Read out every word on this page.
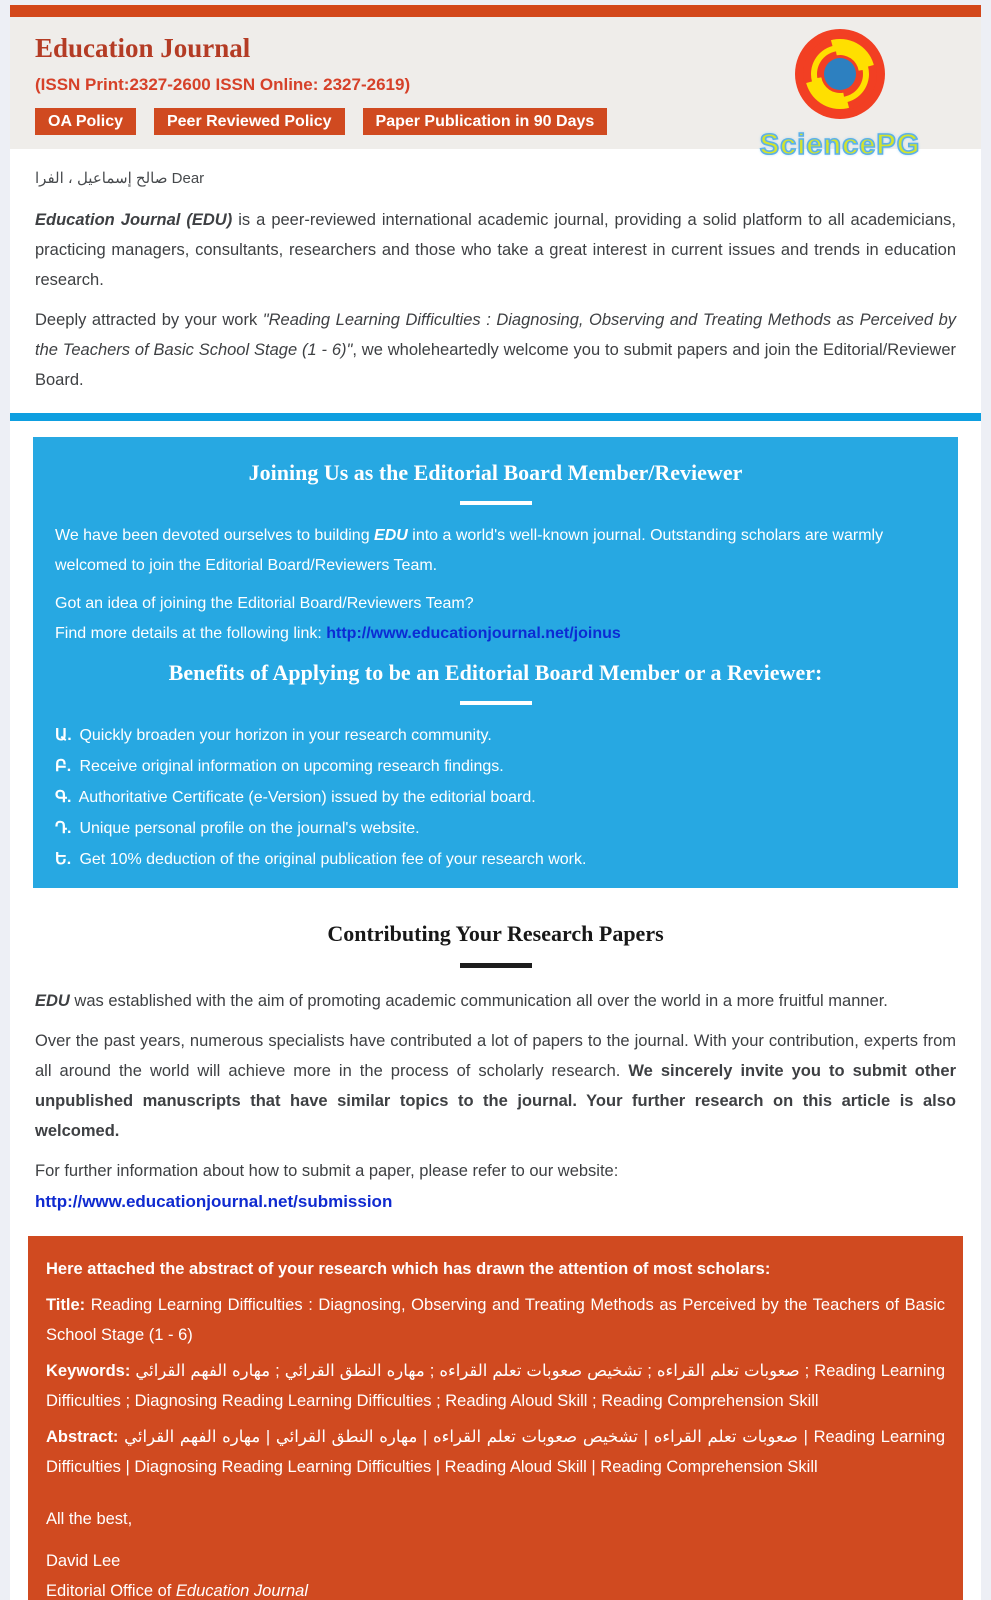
Education Journal
(ISSN Print:2327-2600 ISSN Online: 2327-2619)
OA Policy	Peer Reviewed Policy	Paper Publication in 90 Days
SciencePG
Dear صالح إسماعيل ، الفرا

Education Journal (EDU) is a peer-reviewed international academic journal, providing a solid platform to all academicians, practicing managers, consultants, researchers and those who take a great interest in current issues and trends in education research.

Deeply attracted by your work "Reading Learning Difficulties : Diagnosing, Observing and Treating Methods as Perceived by the Teachers of Basic School Stage (1 - 6)", we wholeheartedly welcome you to submit papers and join the Editorial/Reviewer Board.

Joining Us as the Editorial Board Member/Reviewer

We have been devoted ourselves to building EDU into a world's well-known journal. Outstanding scholars are warmly welcomed to join the Editorial Board/Reviewers Team.

Got an idea of joining the Editorial Board/Reviewers Team?

Find more details at the following link: http://www.educationjournal.net/joinus

Benefits of Applying to be an Editorial Board Member or a Reviewer:
Ա. Quickly broaden your horizon in your research community.
Բ. Receive original information on upcoming research findings.
Գ. Authoritative Certificate (e-Version) issued by the editorial board.
Դ. Unique personal profile on the journal's website.
Ե. Get 10% deduction of the original publication fee of your research work.
Contributing Your Research Papers

EDU was established with the aim of promoting academic communication all over the world in a more fruitful manner.

Over the past years, numerous specialists have contributed a lot of papers to the journal. With your contribution, experts from all around the world will achieve more in the process of scholarly research. We sincerely invite you to submit other unpublished manuscripts that have similar topics to the journal. Your further research on this article is also welcomed.

For further information about how to submit a paper, please refer to our website:

http://www.educationjournal.net/submission
Here attached the abstract of your research which has drawn the attention of most scholars:
Title: Reading Learning Difficulties : Diagnosing, Observing and Treating Methods as Perceived by the Teachers of Basic School Stage (1 - 6)
Keywords: صعوبات تعلم القراءه ; تشخيص صعوبات تعلم القراءه ; مهاره النطق القرائي ; مهاره الفهم القرائي ; Reading Learning Difficulties ; Diagnosing Reading Learning Difficulties ; Reading Aloud Skill ; Reading Comprehension Skill
Abstract: صعوبات تعلم القراءه | تشخيص صعوبات تعلم القراءه | مهاره النطق القرائي | مهاره الفهم القرائي | Reading Learning Difficulties | Diagnosing Reading Learning Difficulties | Reading Aloud Skill | Reading Comprehension Skill
All the best,
David Lee
Editorial Office of Education Journal
